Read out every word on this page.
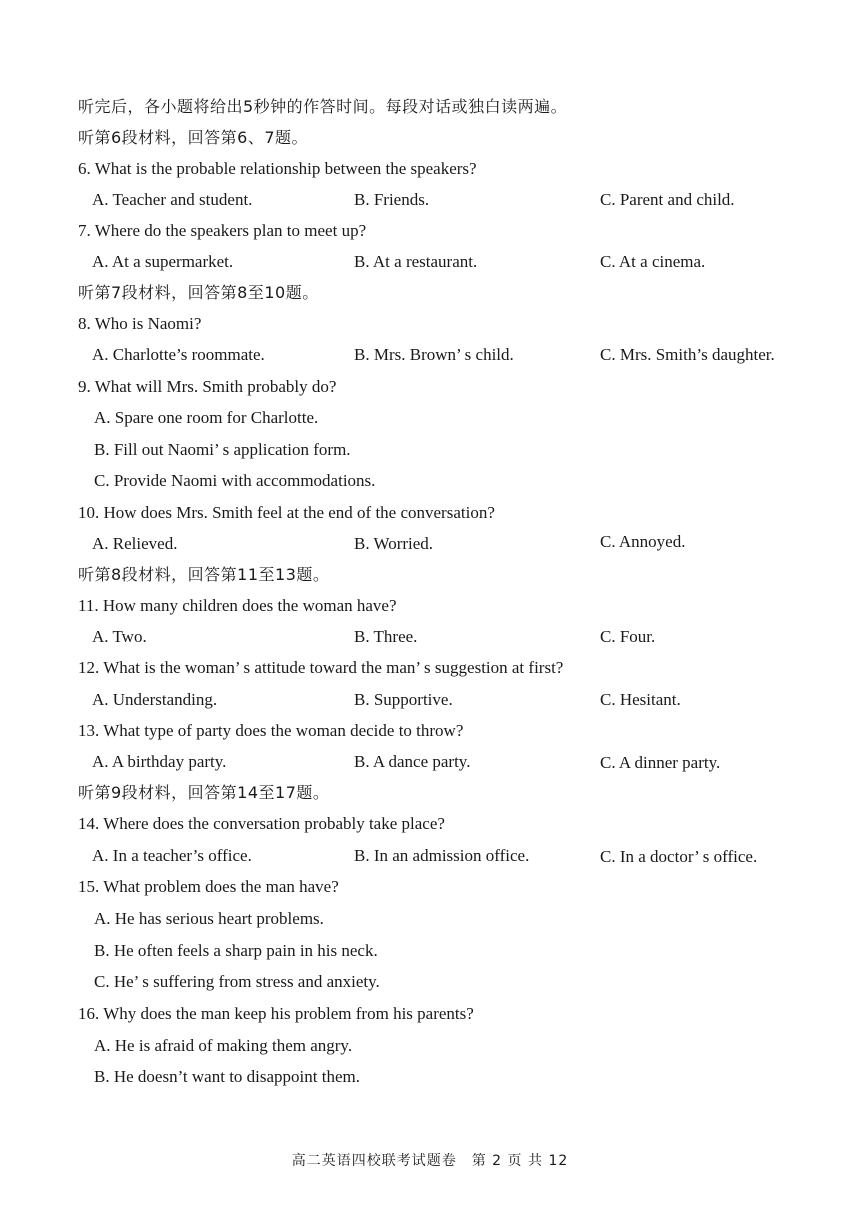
听完后，各小题将给出5秒钟的作答时间。每段对话或独白读两遍。
听第6段材料，回答第6、7题。
6. What is the probable relationship between the speakers?
A. Teacher and student.	B. Friends.	C. Parent and child.
7. Where do the speakers plan to meet up?
A. At a supermarket.	B. At a restaurant.	C. At a cinema.
听第7段材料，回答第8至10题。
8. Who is Naomi?
A. Charlotte’s roommate.	B. Mrs. Brown’ s child.	C. Mrs. Smith’s daughter.
9. What will Mrs. Smith probably do?
A. Spare one room for Charlotte.
B. Fill out Naomi’ s application form.
C. Provide Naomi with accommodations.
10. How does Mrs. Smith feel at the end of the conversation?
A. Relieved.	B. Worried.	C. Annoyed.
听第8段材料，回答第11至13题。
11. How many children does the woman have?
A. Two.	B. Three.	C. Four.
12. What is the woman’ s attitude toward the man’ s suggestion at first?
A. Understanding.	B. Supportive.	C. Hesitant.
13. What type of party does the woman decide to throw?
A. A birthday party.	B. A dance party.	C. A dinner party.
听第9段材料，回答第14至17题。
14. Where does the conversation probably take place?
A. In a teacher’s office.	B. In an admission office.	C. In a doctor’ s office.
15. What problem does the man have?
A. He has serious heart problems.
B. He often feels a sharp pain in his neck.
C. He’ s suffering from stress and anxiety.
16. Why does the man keep his problem from his parents?
A. He is afraid of making them angry.
B. He doesn’t want to disappoint them.
高二英语四校联考试题卷　第 2 页 共 12
